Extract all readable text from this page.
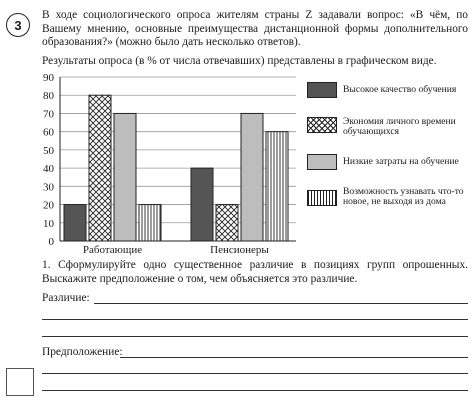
3
В ходе социологического опроса жителям страны Z задавали вопрос: «В чём, по Вашему мнению, основные преимущества дистанционной формы дополнительного образования?» (можно было дать несколько ответов).
Результаты опроса (в % от числа отвечавших) представлены в графическом виде.
0
10
20
30
40
50
60
70
80
90
Работающие	Пенсионеры
Высокое качество обучения
Экономия личного времени обучающихся
Низкие затраты на обучение
Возможность узнавать что-то новое, не выходя из дома
1. Сформулируйте одно существенное различие в позициях групп опрошенных. Выскажите предположение о том, чем объясняется это различие.
Различие:
Предположение:
